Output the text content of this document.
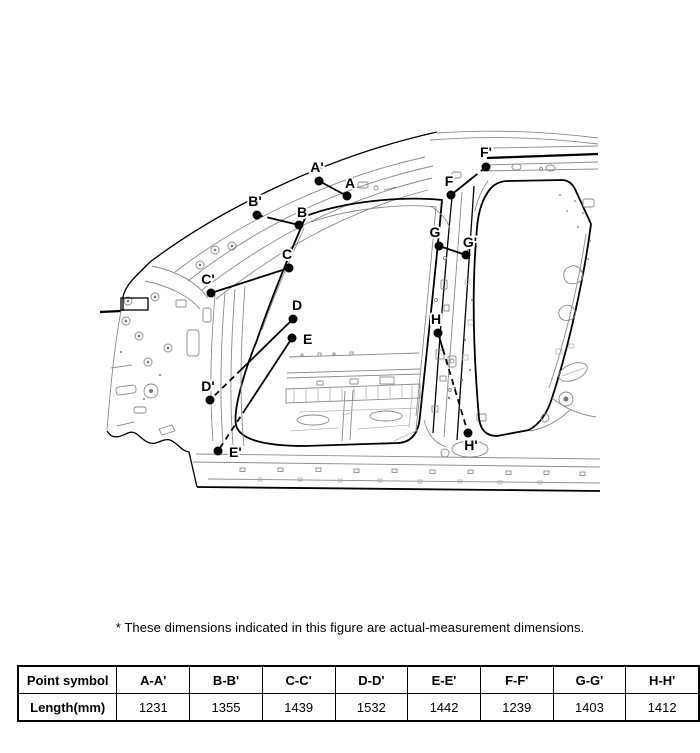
A
A'
B
B'
C
C'
D
D'
E
E'
F
F'
G
G'
H
H'
* These dimensions indicated in this figure are actual-measurement dimensions.
Point symbol	A-A'	B-B'	C-C'	D-D'	E-E'	F-F'	G-G'	H-H'
Length(mm)	1231	1355	1439	1532	1442	1239	1403	1412
